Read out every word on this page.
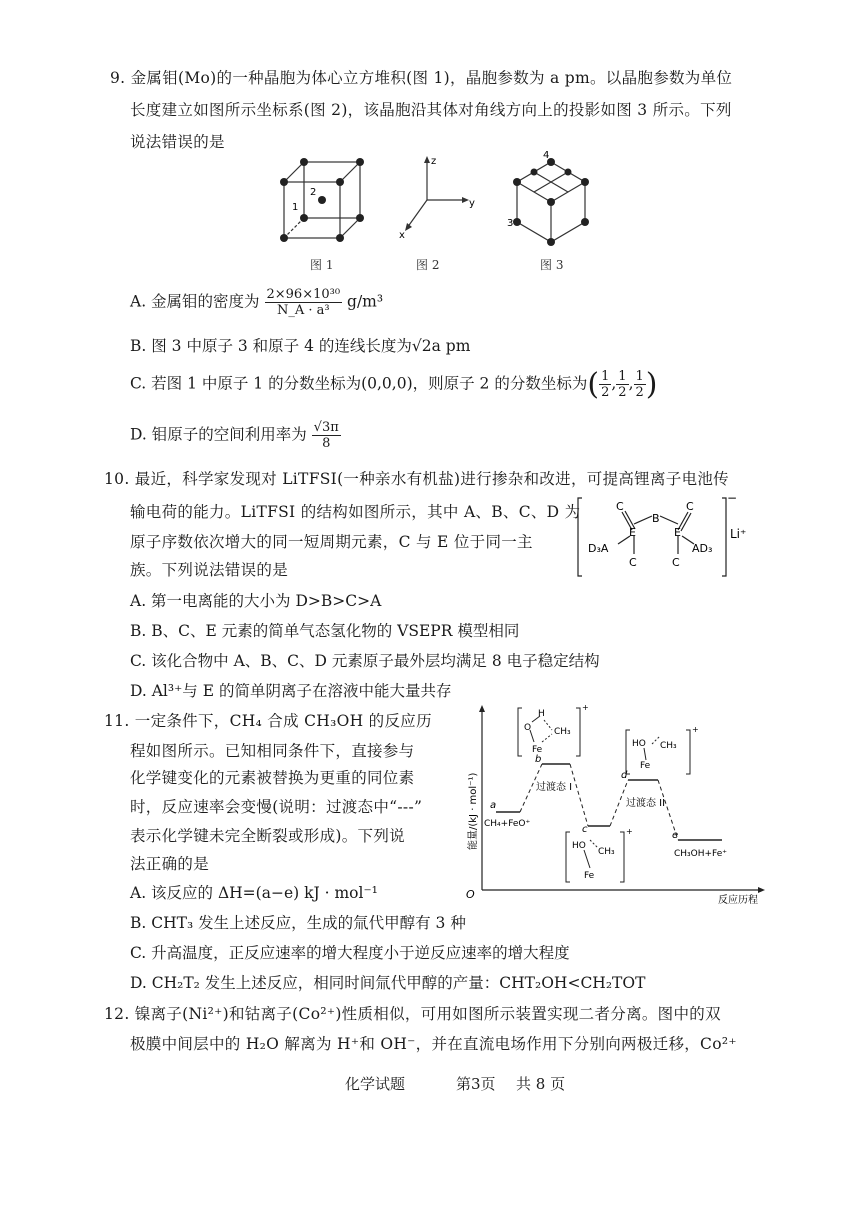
9. 金属钼(Mo)的一种晶胞为体心立方堆积(图 1)，晶胞参数为 a pm。以晶胞参数为单位
长度建立如图所示坐标系(图 2)，该晶胞沿其体对角线方向上的投影如图 3 所示。下列
说法错误的是
1
2
z
y
x
4
3
图 1	图 2	图 3
A. 金属钼的密度为 $\frac{\text{2×96×10³⁰}}{\text{N\_A · a³}} g/m^3$
B. 图 3 中原子 3 和原子 4 的连线长度为√2a pm
C. 若图 1 中原子 1 的分数坐标为(0,0,0)，则原子 2 的分数坐标为( $\frac{1}{2}$ , $\frac{1}{2}$ , $\frac{1}{2}$ )
D. 钼原子的空间利用率为 $\frac{√3\pi}{8}$
10. 最近，科学家发现对 LiTFSI(一种亲水有机盐)进行掺杂和改进，可提高锂离子电池传
输电荷的能力。LiTFSI 的结构如图所示，其中 A、B、C、D 为
原子序数依次增大的同一短周期元素，C 与 E 位于同一主
族。下列说法错误的是
C	C
B
E	E
D₃A	AD₃
C	C
−
Li⁺
A. 第一电离能的大小为 D>B>C>A
B. B、C、E 元素的简单气态氢化物的 VSEPR 模型相同
C. 该化合物中 A、B、C、D 元素原子最外层均满足 8 电子稳定结构
D. Al³⁺与 E 的简单阴离子在溶液中能大量共存
11. 一定条件下，CH₄ 合成 CH₃OH 的反应历
程如图所示。已知相同条件下，直接参与
化学键变化的元素被替换为更重的同位素
时，反应速率会变慢(说明：过渡态中“---”
表示化学键未完全断裂或形成)。下列说
法正确的是
O
能量/(kJ · mol⁻¹)
反应历程
a
b
c
d
e
CH₄+FeO⁺
CH₃OH+Fe⁺
过渡态 I
过渡态 II
H
O	CH₃
Fe
+
HO CH₃
Fe
+
HO
CH₃
Fe
+
A. 该反应的 ΔH=(a−e) kJ · mol⁻¹
B. CHT₃ 发生上述反应，生成的氚代甲醇有 3 种
C. 升高温度，正反应速率的增大程度小于逆反应速率的增大程度
D. CH₂T₂ 发生上述反应，相同时间氚代甲醇的产量：CHT₂OH<CH₂TOT
12. 镍离子(Ni²⁺)和钴离子(Co²⁺)性质相似，可用如图所示装置实现二者分离。图中的双
极膜中间层中的 H₂O 解离为 H⁺和 OH⁻，并在直流电场作用下分别向两极迁移，Co²⁺
化学试题	第3页 共 8 页
